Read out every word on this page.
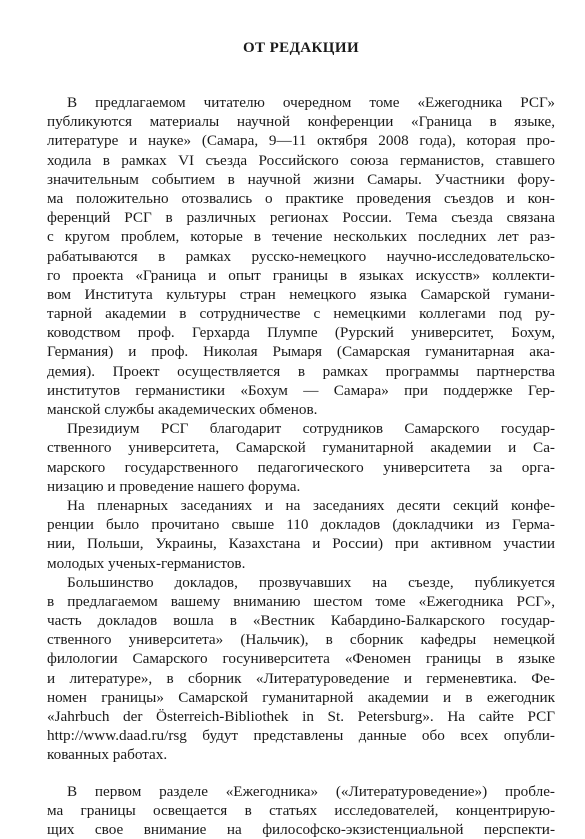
ОТ РЕДАКЦИИ
В предлагаемом читателю очередном томе «Ежегодника РСГ»
публикуются материалы научной конференции «Граница в языке,
литературе и науке» (Самара, 9—11 октября 2008 года), которая про-
ходила в рамках VI съезда Российского союза германистов, ставшего
значительным событием в научной жизни Самары. Участники фору-
ма положительно отозвались о практике проведения съездов и кон-
ференций РСГ в различных регионах России. Тема съезда связана
с кругом проблем, которые в течение нескольких последних лет раз-
рабатываются в рамках русско-немецкого научно-исследовательско-
го проекта «Граница и опыт границы в языках искусств» коллекти-
вом Института культуры стран немецкого языка Самарской гумани-
тарной академии в сотрудничестве с немецкими коллегами под ру-
ководством проф. Герхарда Плумпе (Рурский университет, Бохум,
Германия) и проф. Николая Рымаря (Самарская гуманитарная ака-
демия). Проект осуществляется в рамках программы партнерства
институтов германистики «Бохум — Самара» при поддержке Гер-
манской службы академических обменов.
Президиум РСГ благодарит сотрудников Самарского государ-
ственного университета, Самарской гуманитарной академии и Са-
марского государственного педагогического университета за орга-
низацию и проведение нашего форума.
На пленарных заседаниях и на заседаниях десяти секций конфе-
ренции было прочитано свыше 110 докладов (докладчики из Герма-
нии, Польши, Украины, Казахстана и России) при активном участии
молодых ученых-германистов.
Большинство докладов, прозвучавших на съезде, публикуется
в предлагаемом вашему вниманию шестом томе «Ежегодника РСГ»,
часть докладов вошла в «Вестник Кабардино-Балкарского государ-
ственного университета» (Нальчик), в сборник кафедры немецкой
филологии Самарского госуниверситета «Феномен границы в языке
и литературе», в сборник «Литературоведение и герменевтика. Фе-
номен границы» Самарской гуманитарной академии и в ежегодник
«Jahrbuch der Österreich-Bibliothek in St. Petersburg». На сайте РСГ
http://www.daad.ru/rsg будут представлены данные обо всех опубли-
кованных работах.
В первом разделе «Ежегодника» («Литературоведение») пробле-
ма границы освещается в статьях исследователей, концентрирую-
щих свое внимание на философско-экзистенциальной перспекти-
